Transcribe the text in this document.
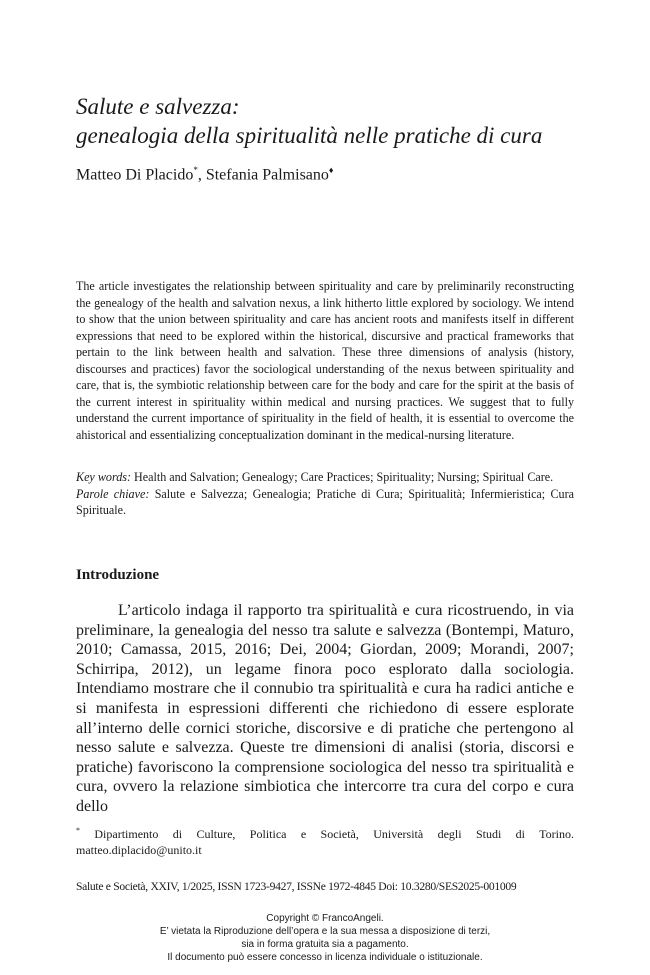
Salute e salvezza:
genealogia della spiritualità nelle pratiche di cura
Matteo Di Placido*, Stefania Palmisano♦
The article investigates the relationship between spirituality and care by preliminarily reconstructing the genealogy of the health and salvation nexus, a link hitherto little explored by sociology. We intend to show that the union between spirituality and care has ancient roots and manifests itself in different expressions that need to be explored within the historical, discursive and practical frameworks that pertain to the link between health and salvation. These three dimensions of analysis (history, discourses and practices) favor the sociological understanding of the nexus between spirituality and care, that is, the symbiotic relationship between care for the body and care for the spirit at the basis of the current interest in spirituality within medical and nursing practices. We suggest that to fully understand the current importance of spirituality in the field of health, it is essential to overcome the ahistorical and essentializing conceptualization dominant in the medical-nursing literature.

Key words: Health and Salvation; Genealogy; Care Practices; Spirituality; Nursing; Spiritual Care.

Parole chiave: Salute e Salvezza; Genealogia; Pratiche di Cura; Spiritualità; Infermieristica; Cura Spirituale.

Introduzione

L’articolo indaga il rapporto tra spiritualità e cura ricostruendo, in via preliminare, la genealogia del nesso tra salute e salvezza (Bontempi, Maturo, 2010; Camassa, 2015, 2016; Dei, 2004; Giordan, 2009; Morandi, 2007; Schirripa, 2012), un legame finora poco esplorato dalla sociologia. Intendiamo mostrare che il connubio tra spiritualità e cura ha radici antiche e si manifesta in espressioni differenti che richiedono di essere esplorate all’interno delle cornici storiche, discorsive e di pratiche che pertengono al nesso salute e salvezza. Queste tre dimensioni di analisi (storia, discorsi e pratiche) favoriscono la comprensione sociologica del nesso tra spiritualità e cura, ovvero la relazione simbiotica che intercorre tra cura del corpo e cura dello

* Dipartimento di Culture, Politica e Società, Università degli Studi di Torino. matteo.diplacido@unito.it

Salute e Società, XXIV, 1/2025, ISSN 1723-9427, ISSNe 1972-4845 Doi: 10.3280/SES2025-001009
Copyright © FrancoAngeli.
E’ vietata la Riproduzione dell’opera e la sua messa a disposizione di terzi,
sia in forma gratuita sia a pagamento.
Il documento può essere concesso in licenza individuale o istituzionale.
